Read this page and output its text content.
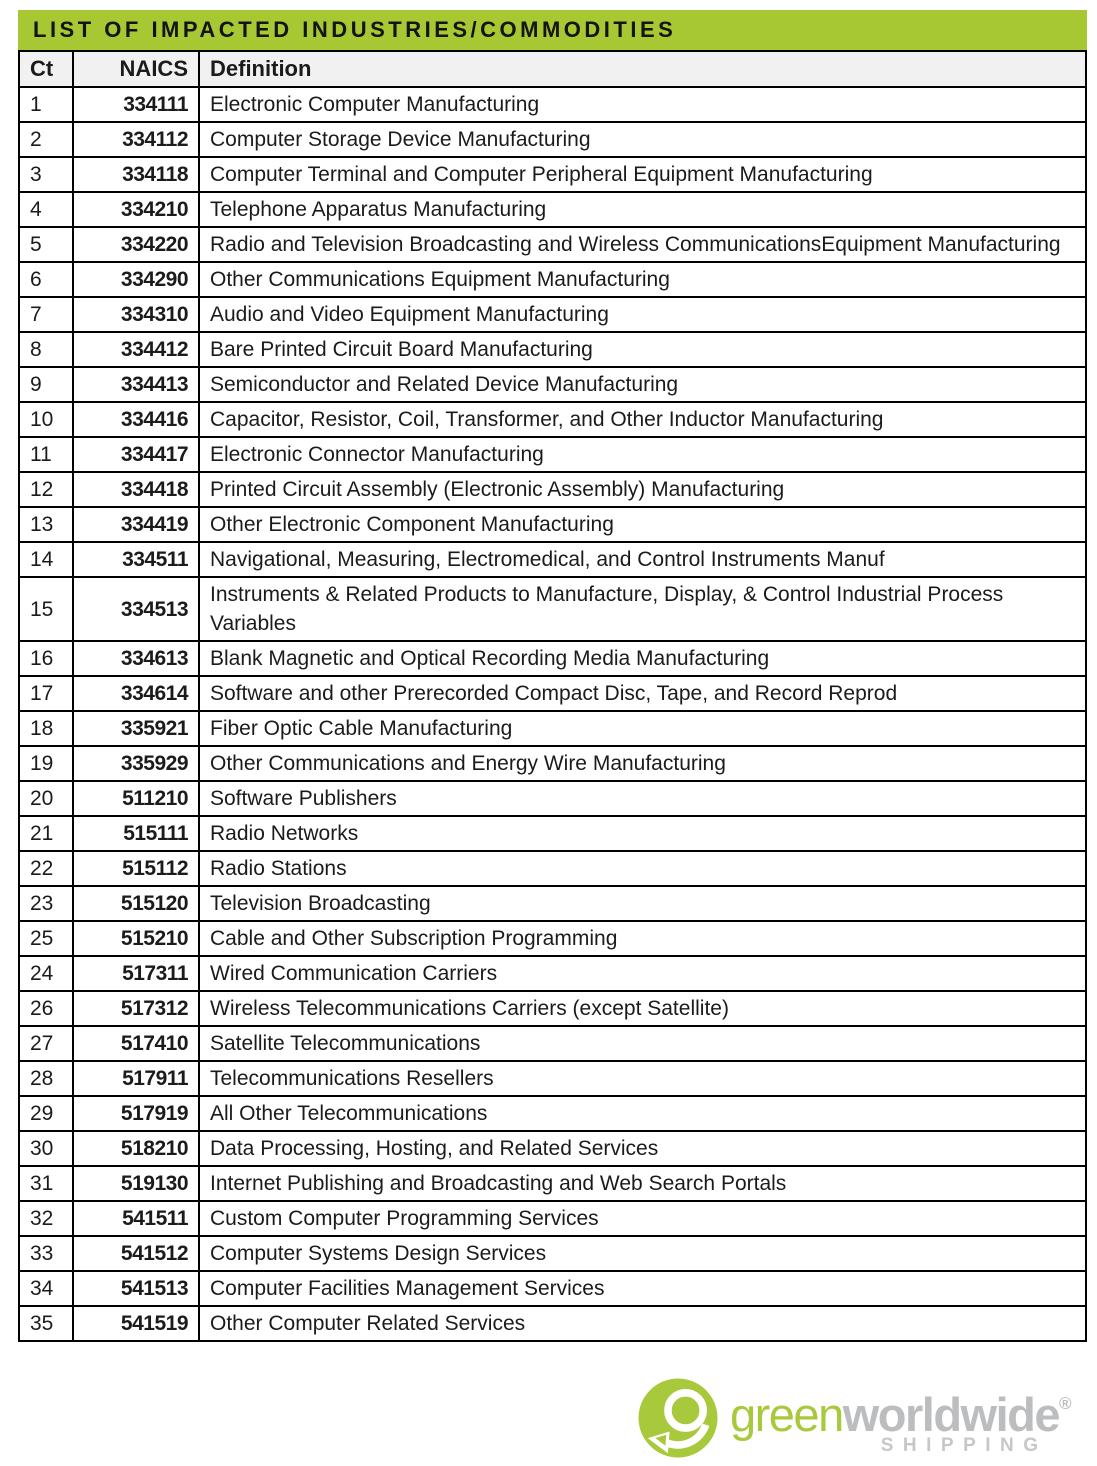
LIST OF IMPACTED INDUSTRIES/COMMODITIES
Ct	NAICS	Definition
1	334111	Electronic Computer Manufacturing
2	334112	Computer Storage Device Manufacturing
3	334118	Computer Terminal and Computer Peripheral Equipment Manufacturing
4	334210	Telephone Apparatus Manufacturing
5	334220	Radio and Television Broadcasting and Wireless CommunicationsEquipment Manufacturing
6	334290	Other Communications Equipment Manufacturing
7	334310	Audio and Video Equipment Manufacturing
8	334412	Bare Printed Circuit Board Manufacturing
9	334413	Semiconductor and Related Device Manufacturing
10	334416	Capacitor, Resistor, Coil, Transformer, and Other Inductor Manufacturing
11	334417	Electronic Connector Manufacturing
12	334418	Printed Circuit Assembly (Electronic Assembly) Manufacturing
13	334419	Other Electronic Component Manufacturing
14	334511	Navigational, Measuring, Electromedical, and Control Instruments Manuf
15	334513	Instruments & Related Products to Manufacture, Display, & Control Industrial Process Variables
16	334613	Blank Magnetic and Optical Recording Media Manufacturing
17	334614	Software and other Prerecorded Compact Disc, Tape, and Record Reprod
18	335921	Fiber Optic Cable Manufacturing
19	335929	Other Communications and Energy Wire Manufacturing
20	511210	Software Publishers
21	515111	Radio Networks
22	515112	Radio Stations
23	515120	Television Broadcasting
25	515210	Cable and Other Subscription Programming
24	517311	Wired Communication Carriers
26	517312	Wireless Telecommunications Carriers (except Satellite)
27	517410	Satellite Telecommunications
28	517911	Telecommunications Resellers
29	517919	All Other Telecommunications
30	518210	Data Processing, Hosting, and Related Services
31	519130	Internet Publishing and Broadcasting and Web Search Portals
32	541511	Custom Computer Programming Services
33	541512	Computer Systems Design Services
34	541513	Computer Facilities Management Services
35	541519	Other Computer Related Services
greenworldwide®
SHIPPING
